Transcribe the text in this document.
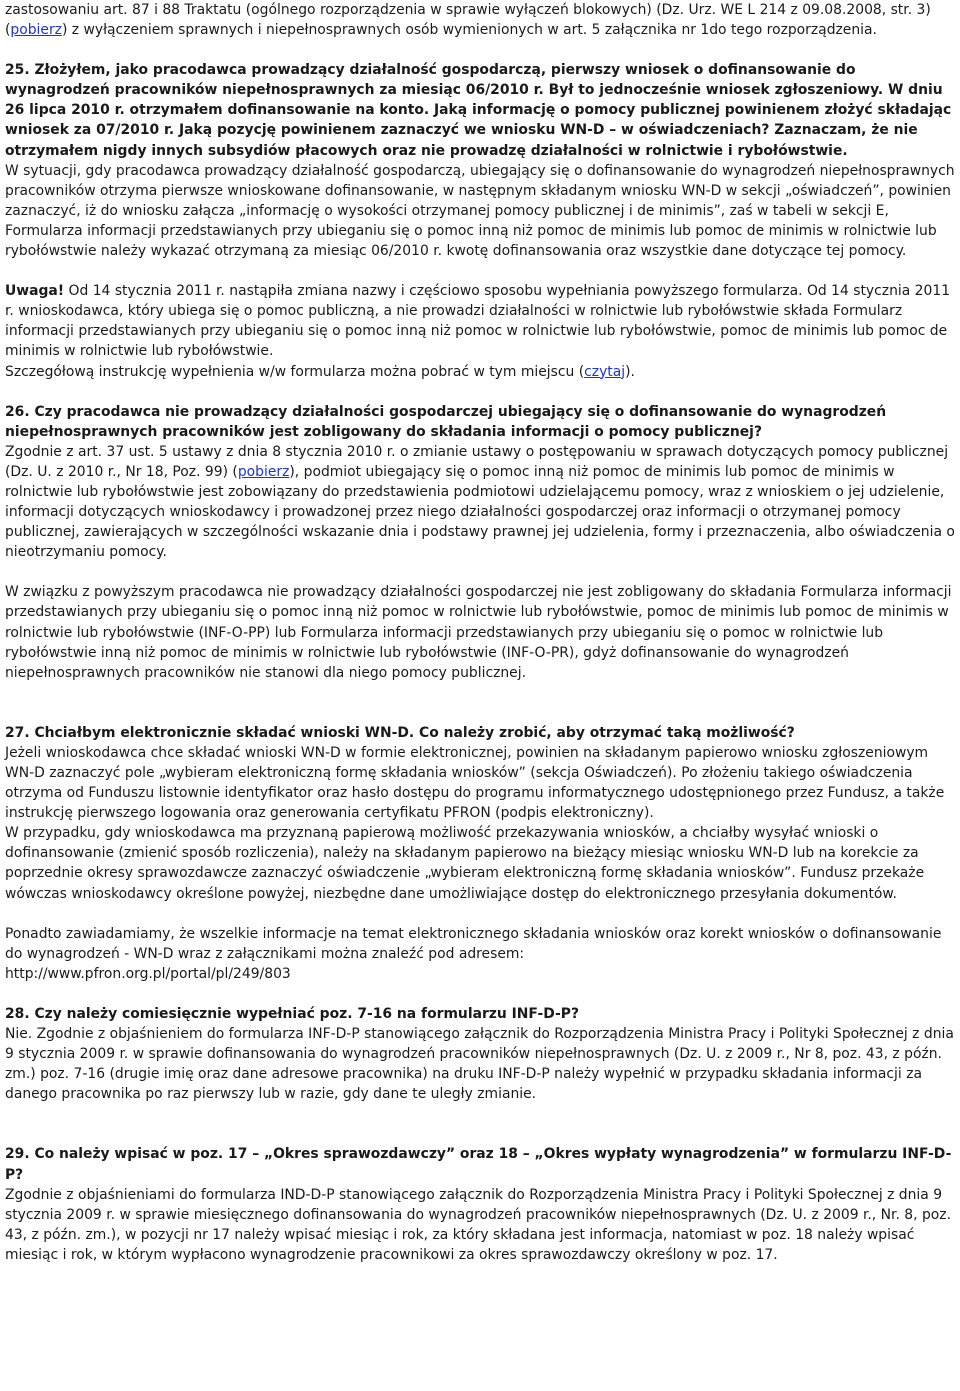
zastosowaniu art. 87 i 88 Traktatu (ogólnego rozporządzenia w sprawie wyłączeń blokowych) (Dz. Urz. WE L 214 z 09.08.2008, str. 3) (pobierz) z wyłączeniem sprawnych i niepełnosprawnych osób wymienionych w art. 5 załącznika nr 1do tego rozporządzenia.

25. Złożyłem, jako pracodawca prowadzący działalność gospodarczą, pierwszy wniosek o dofinansowanie do wynagrodzeń pracowników niepełnosprawnych za miesiąc 06/2010 r. Był to jednocześnie wniosek zgłoszeniowy. W dniu 26 lipca 2010 r. otrzymałem dofinansowanie na konto. Jaką informację o pomocy publicznej powinienem złożyć składając wniosek za 07/2010 r. Jaką pozycję powinienem zaznaczyć we wniosku WN-D – w oświadczeniach? Zaznaczam, że nie otrzymałem nigdy innych subsydiów płacowych oraz nie prowadzę działalności w rolnictwie i rybołówstwie.

W sytuacji, gdy pracodawca prowadzący działalność gospodarczą, ubiegający się o dofinansowanie do wynagrodzeń niepełnosprawnych pracowników otrzyma pierwsze wnioskowane dofinansowanie, w następnym składanym wniosku WN-D w sekcji „oświadczeń”, powinien zaznaczyć, iż do wniosku załącza „informację o wysokości otrzymanej pomocy publicznej i de minimis”, zaś w tabeli w sekcji E, Formularza informacji przedstawianych przy ubieganiu się o pomoc inną niż pomoc de minimis lub pomoc de minimis w rolnictwie lub rybołówstwie należy wykazać otrzymaną za miesiąc 06/2010 r. kwotę dofinansowania oraz wszystkie dane dotyczące tej pomocy.

Uwaga! Od 14 stycznia 2011 r. nastąpiła zmiana nazwy i częściowo sposobu wypełniania powyższego formularza. Od 14 stycznia 2011 r. wnioskodawca, który ubiega się o pomoc publiczną, a nie prowadzi działalności w rolnictwie lub rybołówstwie składa Formularz informacji przedstawianych przy ubieganiu się o pomoc inną niż pomoc w rolnictwie lub rybołówstwie, pomoc de minimis lub pomoc de minimis w rolnictwie lub rybołówstwie.
Szczegółową instrukcję wypełnienia w/w formularza można pobrać w tym miejscu (czytaj).

26. Czy pracodawca nie prowadzący działalności gospodarczej ubiegający się o dofinansowanie do wynagrodzeń niepełnosprawnych pracowników jest zobligowany do składania informacji o pomocy publicznej?

Zgodnie z art. 37 ust. 5 ustawy z dnia 8 stycznia 2010 r. o zmianie ustawy o postępowaniu w sprawach dotyczących pomocy publicznej (Dz. U. z 2010 r., Nr 18, Poz. 99) (pobierz), podmiot ubiegający się o pomoc inną niż pomoc de minimis lub pomoc de minimis w rolnictwie lub rybołówstwie jest zobowiązany do przedstawienia podmiotowi udzielającemu pomocy, wraz z wnioskiem o jej udzielenie, informacji dotyczących wnioskodawcy i prowadzonej przez niego działalności gospodarczej oraz informacji o otrzymanej pomocy publicznej, zawierających w szczególności wskazanie dnia i podstawy prawnej jej udzielenia, formy i przeznaczenia, albo oświadczenia o nieotrzymaniu pomocy.

W związku z powyższym pracodawca nie prowadzący działalności gospodarczej nie jest zobligowany do składania Formularza informacji przedstawianych przy ubieganiu się o pomoc inną niż pomoc w rolnictwie lub rybołówstwie, pomoc de minimis lub pomoc de minimis w rolnictwie lub rybołówstwie (INF-O-PP) lub Formularza informacji przedstawianych przy ubieganiu się o pomoc w rolnictwie lub rybołówstwie inną niż pomoc de minimis w rolnictwie lub rybołówstwie (INF-O-PR), gdyż dofinansowanie do wynagrodzeń niepełnosprawnych pracowników nie stanowi dla niego pomocy publicznej.

27. Chciałbym elektronicznie składać wnioski WN-D. Co należy zrobić, aby otrzymać taką możliwość?

Jeżeli wnioskodawca chce składać wnioski WN-D w formie elektronicznej, powinien na składanym papierowo wniosku zgłoszeniowym WN-D zaznaczyć pole „wybieram elektroniczną formę składania wniosków” (sekcja Oświadczeń). Po złożeniu takiego oświadczenia otrzyma od Funduszu listownie identyfikator oraz hasło dostępu do programu informatycznego udostępnionego przez Fundusz, a także instrukcję pierwszego logowania oraz generowania certyfikatu PFRON (podpis elektroniczny).

W przypadku, gdy wnioskodawca ma przyznaną papierową możliwość przekazywania wniosków, a chciałby wysyłać wnioski o dofinansowanie (zmienić sposób rozliczenia), należy na składanym papierowo na bieżący miesiąc wniosku WN-D lub na korekcie za poprzednie okresy sprawozdawcze zaznaczyć oświadczenie „wybieram elektroniczną formę składania wniosków”. Fundusz przekaże wówczas wnioskodawcy określone powyżej, niezbędne dane umożliwiające dostęp do elektronicznego przesyłania dokumentów.

Ponadto zawiadamiamy, że wszelkie informacje na temat elektronicznego składania wniosków oraz korekt wniosków o dofinansowanie do wynagrodzeń - WN-D wraz z załącznikami można znaleźć pod adresem:

http://www.pfron.org.pl/portal/pl/249/803

28. Czy należy comiesięcznie wypełniać poz. 7-16 na formularzu INF-D-P?

Nie. Zgodnie z objaśnieniem do formularza INF-D-P stanowiącego załącznik do Rozporządzenia Ministra Pracy i Polityki Społecznej z dnia 9 stycznia 2009 r. w sprawie dofinansowania do wynagrodzeń pracowników niepełnosprawnych (Dz. U. z 2009 r., Nr 8, poz. 43, z późn. zm.) poz. 7-16 (drugie imię oraz dane adresowe pracownika) na druku INF-D-P należy wypełnić w przypadku składania informacji za danego pracownika po raz pierwszy lub w razie, gdy dane te uległy zmianie.

29. Co należy wpisać w poz. 17 – „Okres sprawozdawczy” oraz 18 – „Okres wypłaty wynagrodzenia” w formularzu INF-D-P?

Zgodnie z objaśnieniami do formularza IND-D-P stanowiącego załącznik do Rozporządzenia Ministra Pracy i Polityki Społecznej z dnia 9 stycznia 2009 r. w sprawie miesięcznego dofinansowania do wynagrodzeń pracowników niepełnosprawnych (Dz. U. z 2009 r., Nr. 8, poz. 43, z późn. zm.), w pozycji nr 17 należy wpisać miesiąc i rok, za który składana jest informacja, natomiast w poz. 18 należy wpisać miesiąc i rok, w którym wypłacono wynagrodzenie pracownikowi za okres sprawozdawczy określony w poz. 17.
